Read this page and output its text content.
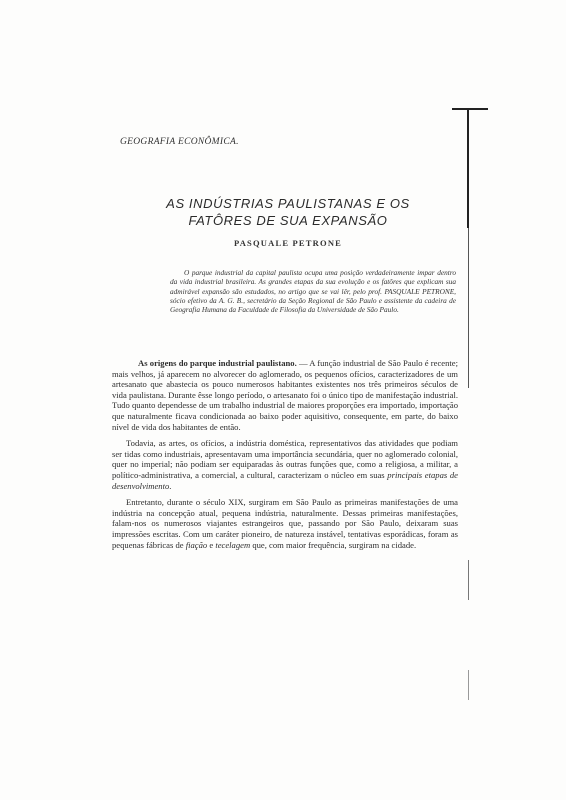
GEOGRAFIA ECONÔMICA.
AS INDÚSTRIAS PAULISTANAS E OS
FATÔRES DE SUA EXPANSÃO
PASQUALE PETRONE
O parque industrial da capital paulista ocupa uma posição verdadeiramente impar dentro da vida industrial brasileira. As grandes etapas da sua evolução e os fatôres que explicam sua admirável expansão são estudados, no artigo que se vai lêr, pelo prof. PASQUALE PETRONE, sócio efetivo da A. G. B., secretário da Seção Regional de São Paulo e assistente da cadeira de Geografia Humana da Faculdade de Filosofia da Universidade de São Paulo.

As origens do parque industrial paulistano. — A função industrial de São Paulo é recente; mais velhos, já aparecem no alvorecer do aglomerado, os pequenos ofícios, caracterizadores de um artesanato que abastecia os pouco numerosos habitantes existentes nos três primeiros séculos de vida paulistana. Durante êsse longo período, o artesanato foi o único tipo de manifestação industrial. Tudo quanto dependesse de um trabalho industrial de maiores proporções era importado, importação que naturalmente ficava condicionada ao baixo poder aquisitivo, consequente, em parte, do baixo nível de vida dos habitantes de então.

Todavia, as artes, os ofícios, a indústria doméstica, representativos das atividades que podiam ser tidas como industriais, apresentavam uma importância secundária, quer no aglomerado colonial, quer no imperial; não podiam ser equiparadas às outras funções que, como a religiosa, a militar, a político-administrativa, a comercial, a cultural, caracterizam o núcleo em suas principais etapas de desenvolvimento.

Entretanto, durante o século XIX, surgiram em São Paulo as primeiras manifestações de uma indústria na concepção atual, pequena indústria, naturalmente. Dessas primeiras manifestações, falam-nos os numerosos viajantes estrangeiros que, passando por São Paulo, deixaram suas impressões escritas. Com um caráter pioneiro, de natureza instável, tentativas esporádicas, foram as pequenas fábricas de fiação e tecelagem que, com maior frequência, surgiram na cidade.
